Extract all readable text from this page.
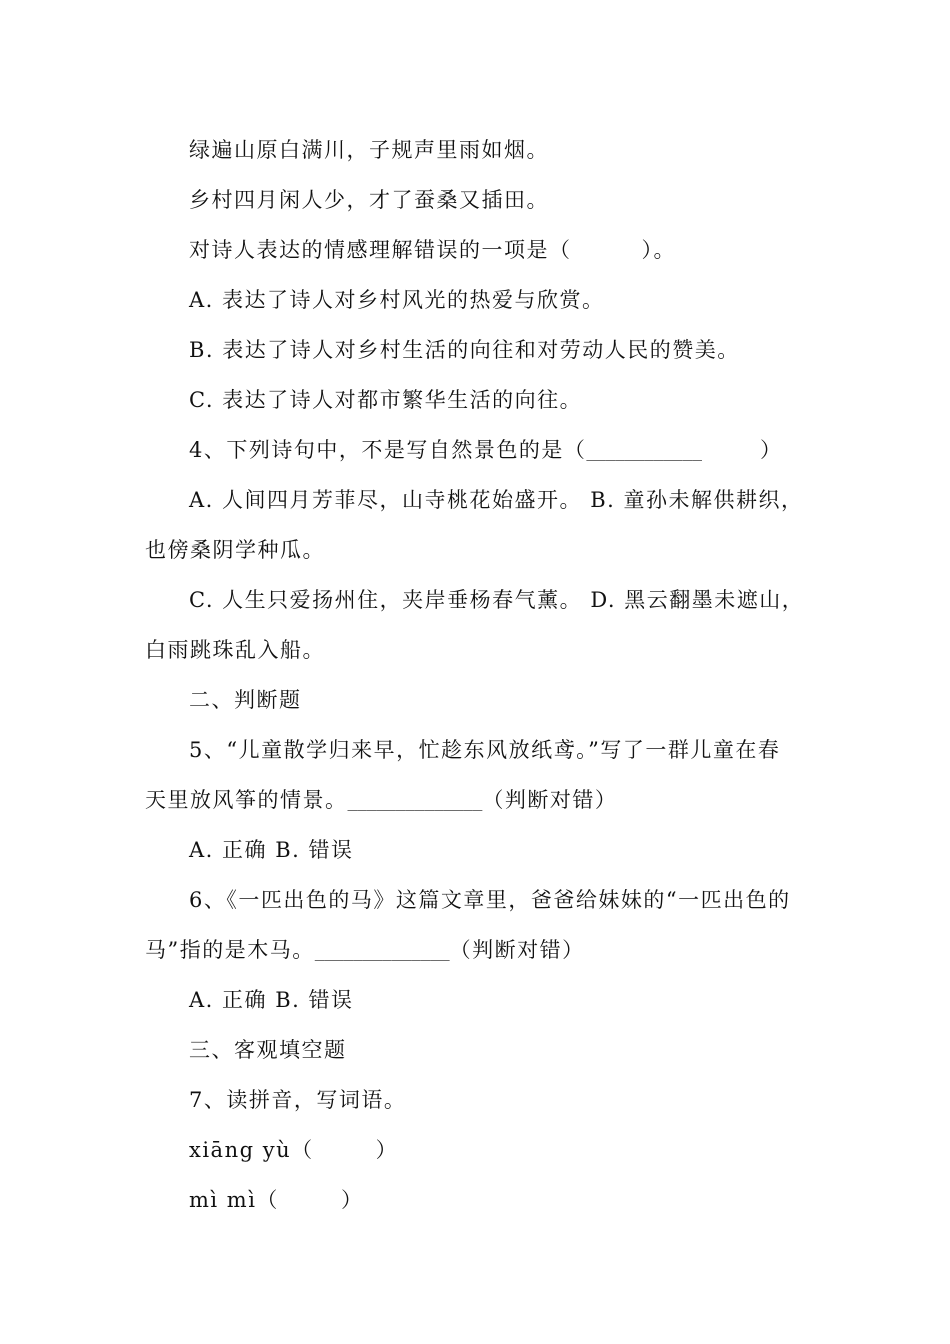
绿遍山原白满川，子规声里雨如烟。
乡村四月闲人少，才了蚕桑又插田。
对诗人表达的情感理解错误的一项是（	）。
A. 表达了诗人对乡村风光的热爱与欣赏。
B. 表达了诗人对乡村生活的向往和对劳动人民的赞美。
C. 表达了诗人对都市繁华生活的向往。
4、下列诗句中，不是写自然景色的是（____________	）
A. 人间四月芳菲尽，山寺桃花始盛开。 B. 童孙未解供耕织，
也傍桑阴学种瓜。
C. 人生只爱扬州住，夹岸垂杨春气薰。 D. 黑云翻墨未遮山，
白雨跳珠乱入船。
二、判断题
5、“儿童散学归来早，忙趁东风放纸鸢。”写了一群儿童在春
天里放风筝的情景。______________（判断对错）
A. 正确 B. 错误
6、《一匹出色的马》这篇文章里，爸爸给妹妹的“一匹出色的
马”指的是木马。______________（判断对错）
A. 正确 B. 错误
三、客观填空题
7、读拼音，写词语。
xiāng yù（	）
mì mì（	）
